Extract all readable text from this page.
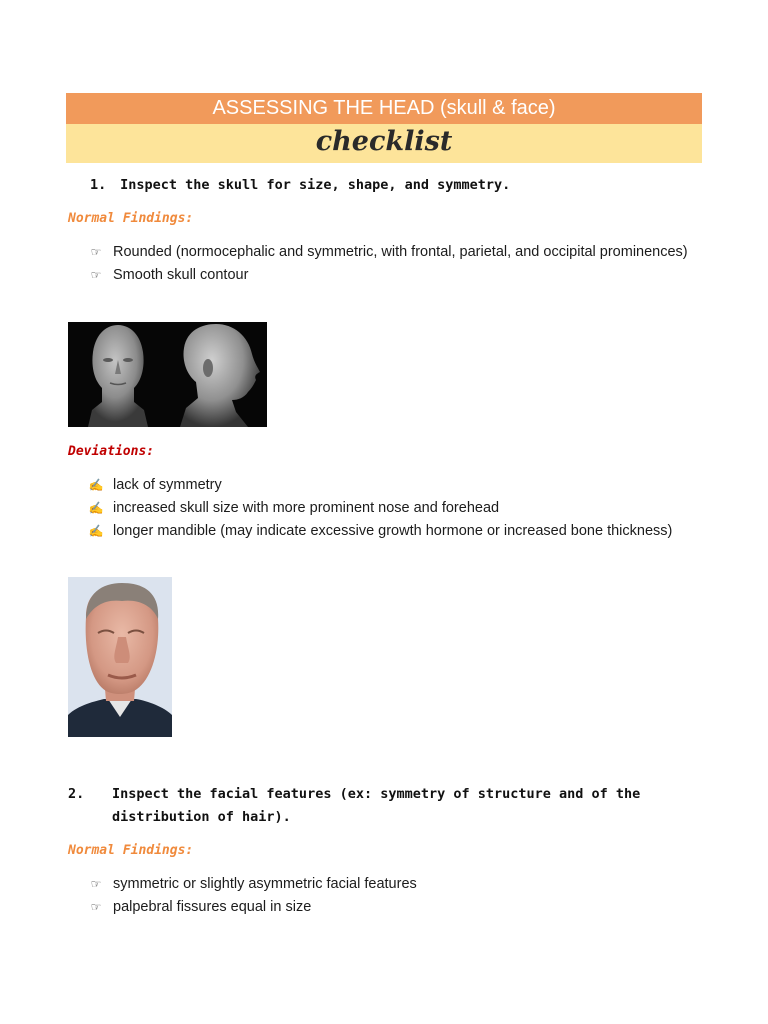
ASSESSING THE HEAD (skull & face)
checklist
1. Inspect the skull for size, shape, and symmetry.
Normal Findings:
☞ Rounded (normocephalic and symmetric, with frontal, parietal, and occipital prominences)
☞ Smooth skull contour
Deviations:
✍ lack of symmetry
✍ increased skull size with more prominent nose and forehead
✍ longer mandible (may indicate excessive growth hormone or increased bone thickness)
2. Inspect the facial features (ex: symmetry of structure and of the distribution of hair).
Normal Findings:
☞ symmetric or slightly asymmetric facial features
☞ palpebral fissures equal in size
